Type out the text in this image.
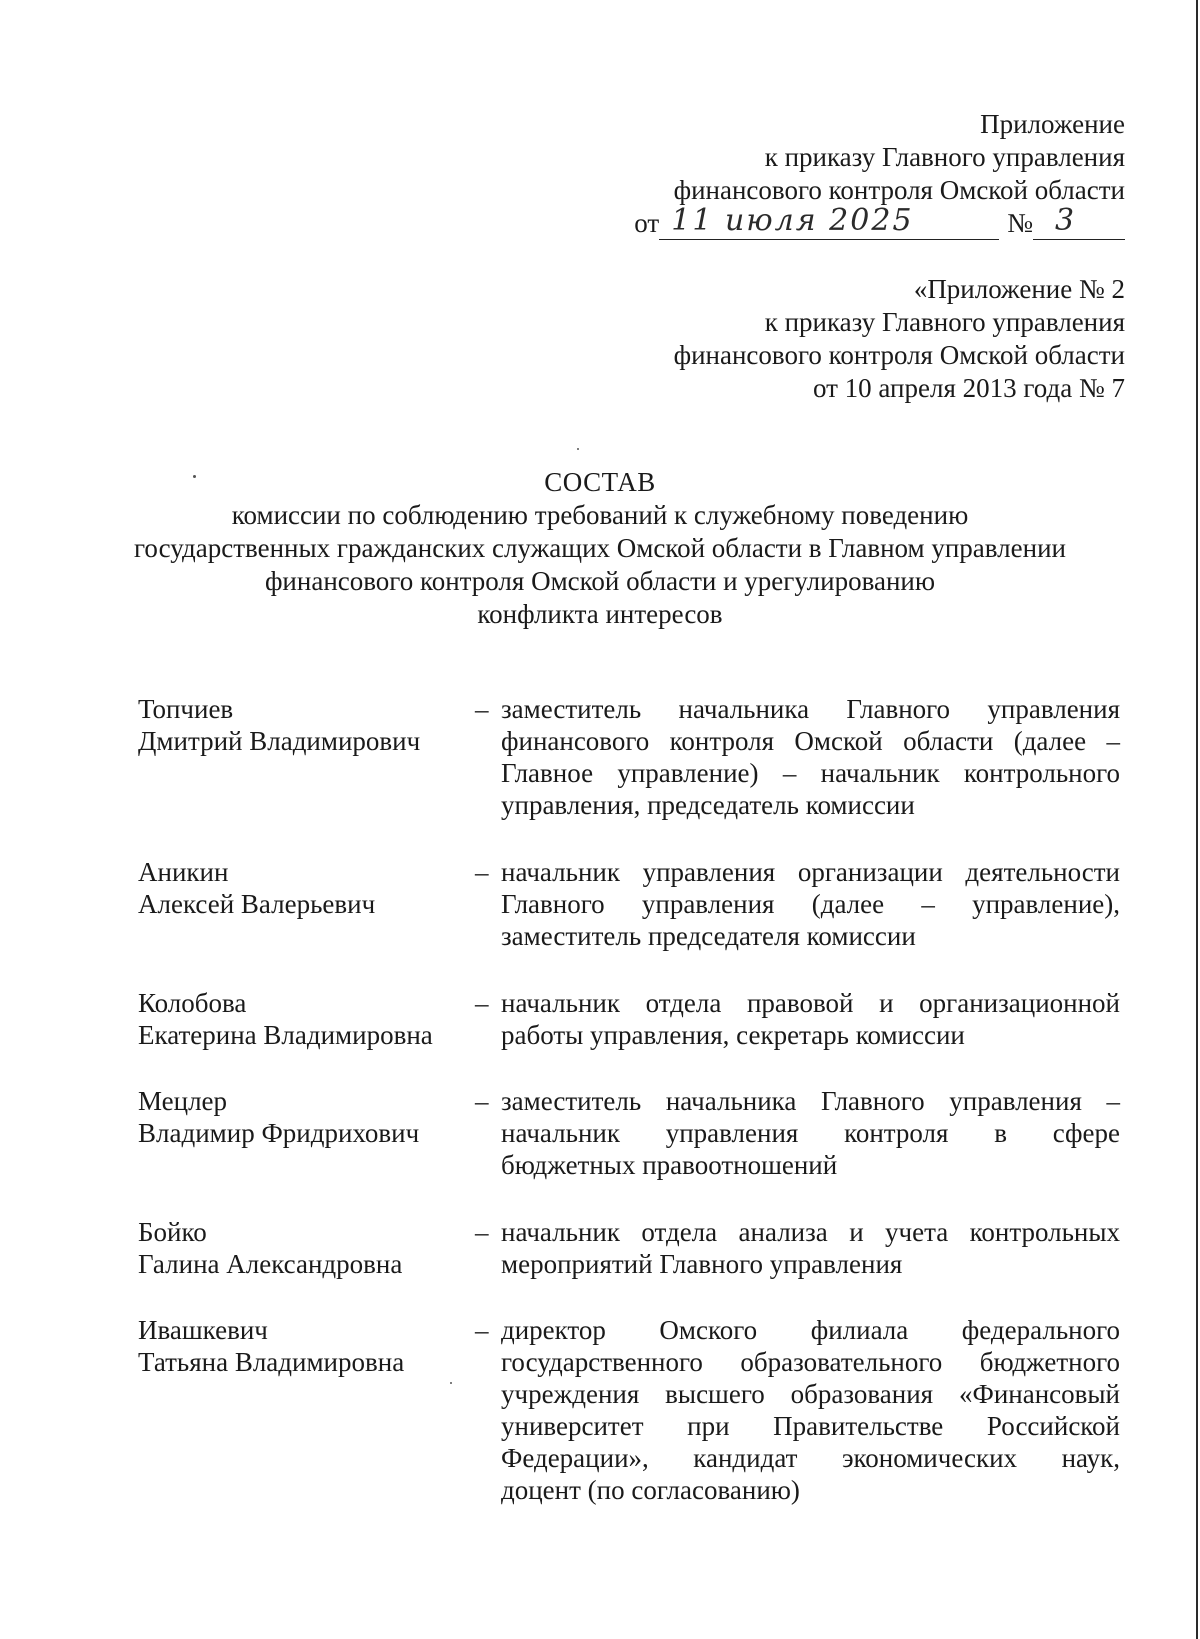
Приложение
к приказу Главного управления
финансового контроля Омской области
от 11 июля 2025	№ 3
«Приложение № 2
к приказу Главного управления
финансового контроля Омской области
от 10 апреля 2013 года № 7
СОСТАВ
комиссии по соблюдению требований к служебному поведению
государственных гражданских служащих Омской области в Главном управлении
финансового контроля Омской области и урегулированию
конфликта интересов
Топчиев
Дмитрий Владимирович
– заместитель начальника Главного управления
финансового контроля Омской области (далее –
Главное управление) – начальник контрольного
управления, председатель комиссии
Аникин
Алексей Валерьевич
– начальник управления организации деятельности
Главного управления (далее – управление),
заместитель председателя комиссии
Колобова
Екатерина Владимировна
– начальник отдела правовой и организационной
работы управления, секретарь комиссии
Мецлер
Владимир Фридрихович
– заместитель начальника Главного управления –
начальник управления контроля в сфере
бюджетных правоотношений
Бойко
Галина Александровна
– начальник отдела анализа и учета контрольных
мероприятий Главного управления
Ивашкевич
Татьяна Владимировна
– директор Омского филиала федерального
государственного образовательного бюджетного
учреждения высшего образования «Финансовый
университет при Правительстве Российской
Федерации», кандидат экономических наук,
доцент (по согласованию)
